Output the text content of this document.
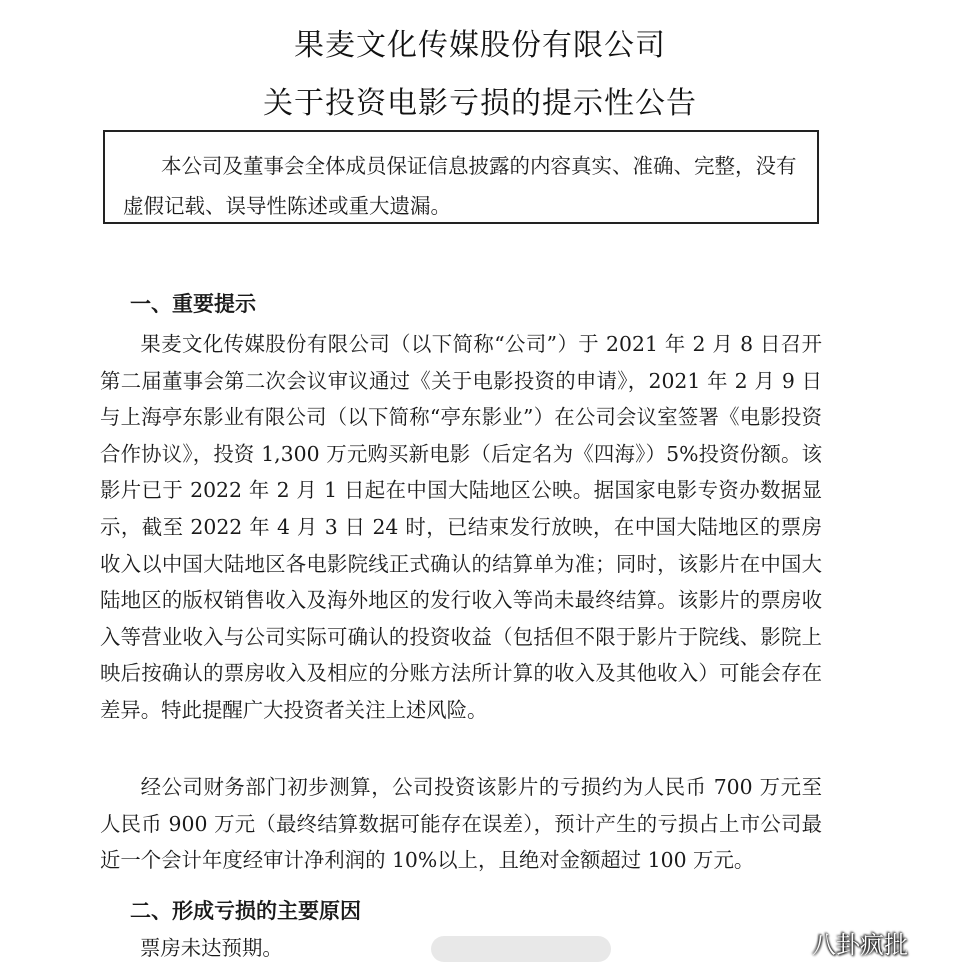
果麦文化传媒股份有限公司
关于投资电影亏损的提示性公告
本公司及董事会全体成员保证信息披露的内容真实、准确、完整，没有虚假记载、误导性陈述或重大遗漏。
一、重要提示
果麦文化传媒股份有限公司（以下简称“公司”）于 2021 年 2 月 8 日召开第二届董事会第二次会议审议通过《关于电影投资的申请》，2021 年 2 月 9 日与上海亭东影业有限公司（以下简称“亭东影业”）在公司会议室签署《电影投资合作协议》，投资 1,300 万元购买新电影（后定名为《四海》）5%投资份额。该影片已于 2022 年 2 月 1 日起在中国大陆地区公映。据国家电影专资办数据显示，截至 2022 年 4 月 3 日 24 时，已结束发行放映，在中国大陆地区的票房收入以中国大陆地区各电影院线正式确认的结算单为准；同时，该影片在中国大陆地区的版权销售收入及海外地区的发行收入等尚未最终结算。该影片的票房收入等营业收入与公司实际可确认的投资收益（包括但不限于影片于院线、影院上映后按确认的票房收入及相应的分账方法所计算的收入及其他收入）可能会存在差异。特此提醒广大投资者关注上述风险。
经公司财务部门初步测算，公司投资该影片的亏损约为人民币 700 万元至人民币 900 万元（最终结算数据可能存在误差），预计产生的亏损占上市公司最近一个会计年度经审计净利润的 10%以上，且绝对金额超过 100 万元。
二、形成亏损的主要原因
票房未达预期。	八卦疯批
